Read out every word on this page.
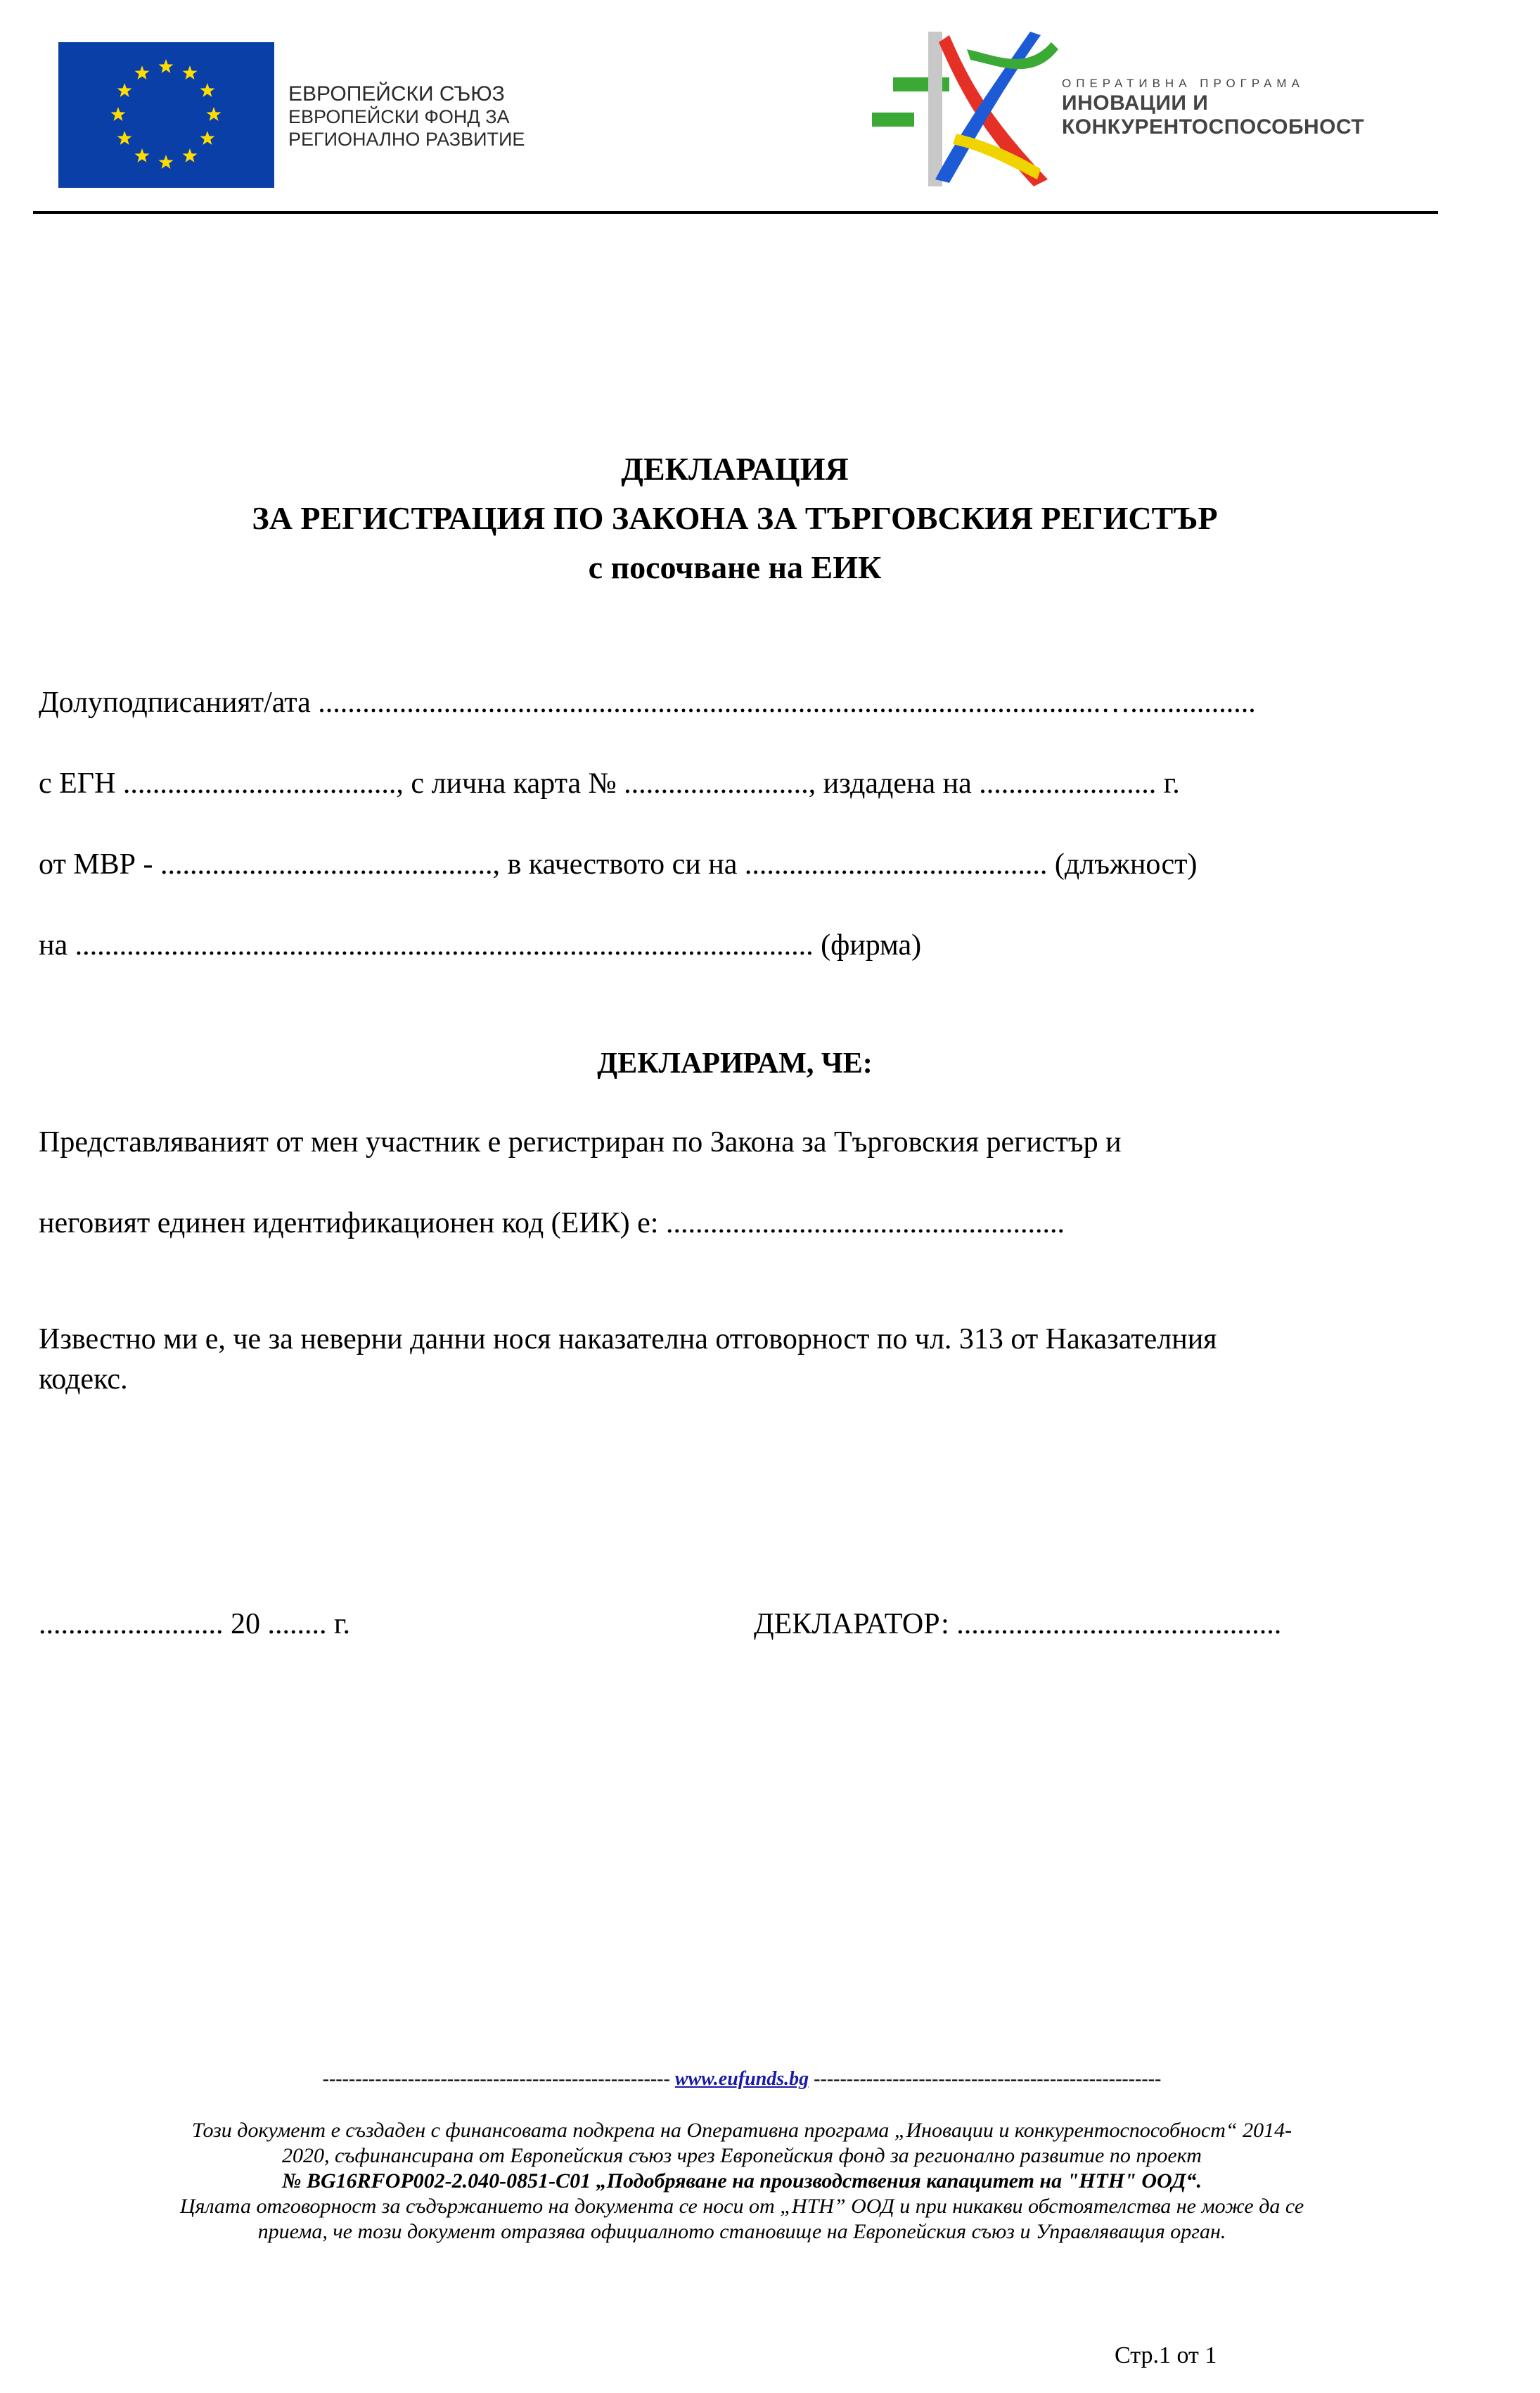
ЕВРОПЕЙСКИ СЪЮЗ
ЕВРОПЕЙСКИ ФОНД ЗА
РЕГИОНАЛНО РАЗВИТИЕ
ОПЕРАТИВНА ПРОГРАМА
ИНОВАЦИИ И
КОНКУРЕНТОСПОСОБНОСТ
ДЕКЛАРАЦИЯ
ЗА РЕГИСТРАЦИЯ ПО ЗАКОНА ЗА ТЪРГОВСКИЯ РЕГИСТЪР
с посочване на ЕИК
Долуподписаният/ата ..........................................................................................................….................
с ЕГН ....................................., с лична карта № ........................., издадена на ........................ г.
от МВР - ............................................., в качеството си на ......................................... (длъжност)
на .................................................................................................... (фирма)
ДЕКЛАРИРАМ, ЧЕ:
Представляваният от мен участник е регистриран по Закона за Търговския регистър и
неговият единен идентификационен код (ЕИК) е: ......................................................
Известно ми е, че за неверни данни нося наказателна отговорност по чл. 313 от Наказателния
кодекс.
......................... 20 ........ г.	ДЕКЛАРАТОР: ............................................
----------------------------------------------------- www.eufunds.bg -----------------------------------------------------
Този документ е създаден с финансовата подкрепа на Оперативна програма „Иновации и конкурентоспособност“ 2014-
2020, съфинансирана от Европейския съюз чрез Европейския фонд за регионално развитие по проект
№ BG16RFOP002-2.040-0851-C01 „Подобряване на производствения капацитет на "НТН" ООД“.
Цялата отговорност за съдържанието на документа се носи от „НТН” ООД и при никакви обстоятелства не може да се
приема, че този документ отразява официалното становище на Европейския съюз и Управляващия орган.
Стр.1 от 1
